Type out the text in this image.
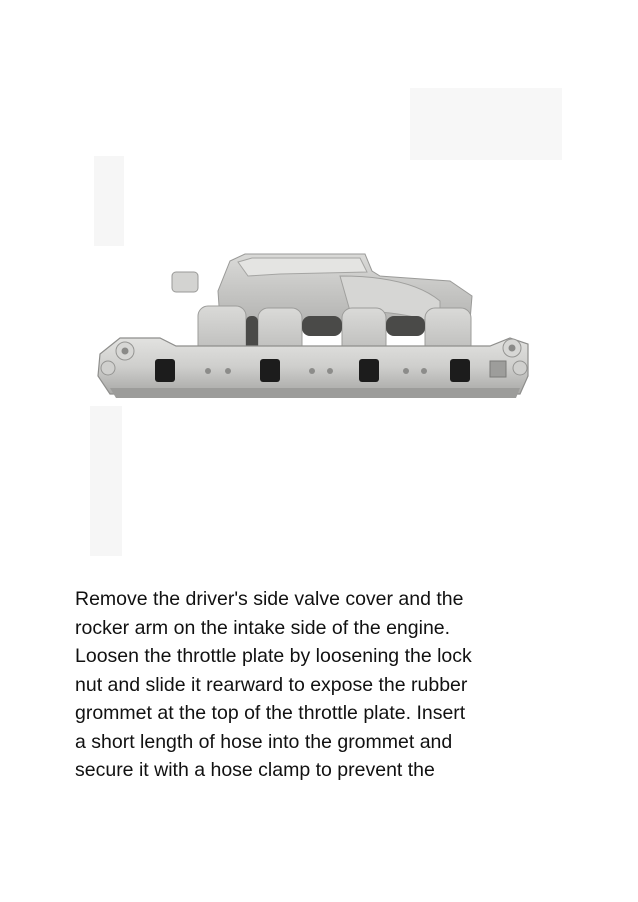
Remove the driver's side valve cover and the
rocker arm on the intake side of the engine.
Loosen the throttle plate by loosening the lock
nut and slide it rearward to expose the rubber
grommet at the top of the throttle plate. Insert
a short length of hose into the grommet and
secure it with a hose clamp to prevent the
